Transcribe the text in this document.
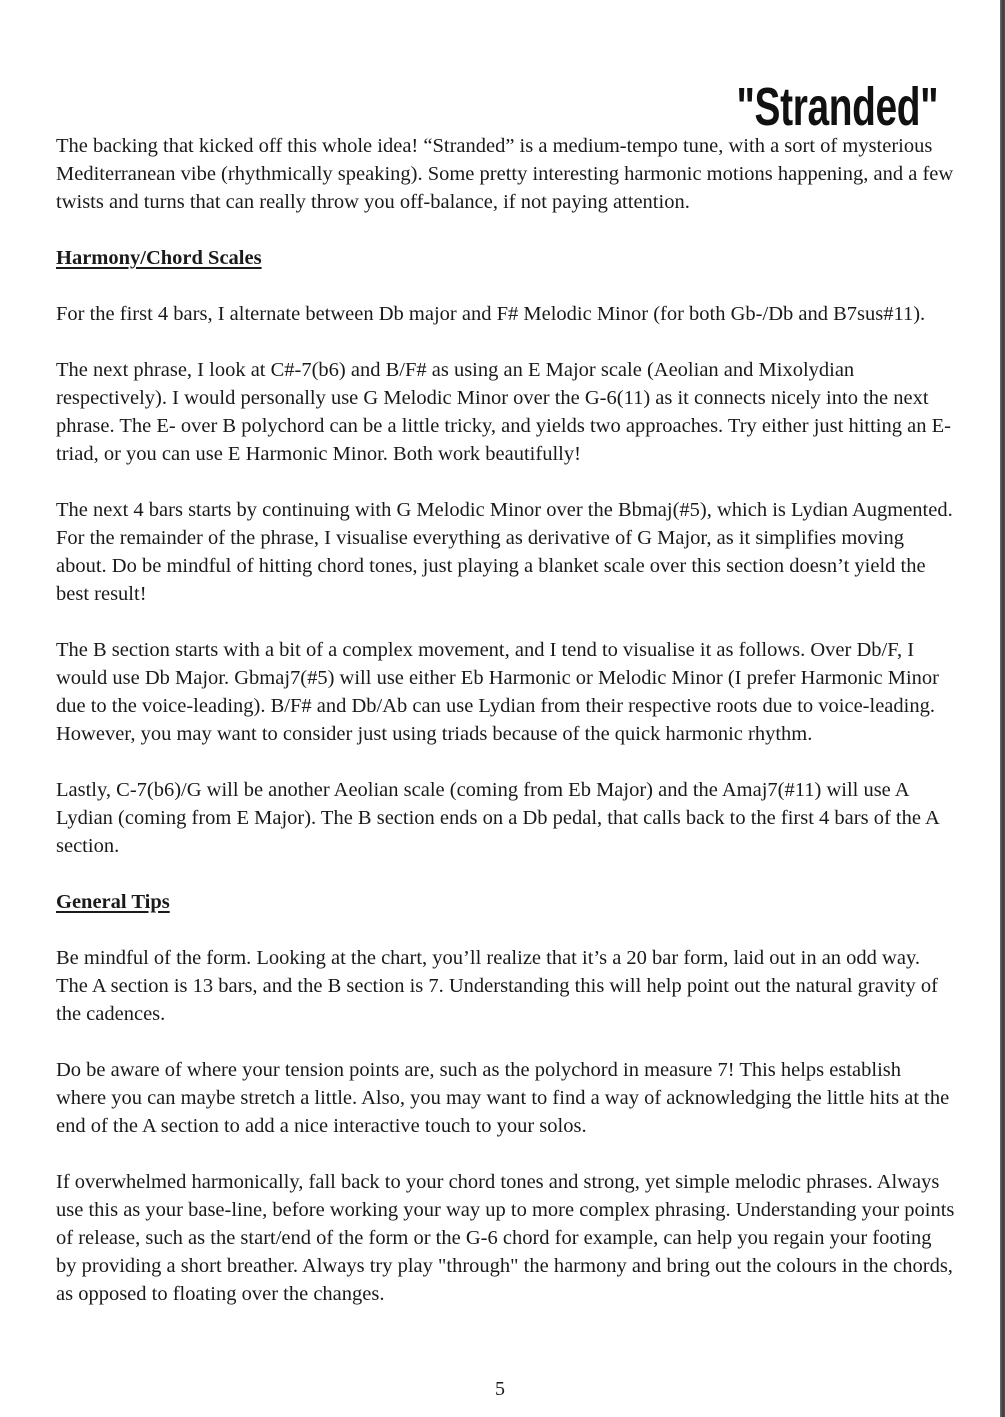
"Stranded"

The backing that kicked off this whole idea! “Stranded” is a medium-tempo tune, with a sort of mysterious Mediterranean vibe (rhythmically speaking). Some pretty interesting harmonic motions happening, and a few twists and turns that can really throw you off-balance, if not paying attention.

Harmony/Chord Scales

For the first 4 bars, I alternate between Db major and F# Melodic Minor (for both Gb-/Db and B7sus#11).

The next phrase, I look at C#-7(b6) and B/F# as using an E Major scale (Aeolian and Mixolydian respectively). I would personally use G Melodic Minor over the G-6(11) as it connects nicely into the next phrase. The E- over B polychord can be a little tricky, and yields two approaches. Try either just hitting an E- triad, or you can use E Harmonic Minor. Both work beautifully!

The next 4 bars starts by continuing with G Melodic Minor over the Bbmaj(#5), which is Lydian Augmented. For the remainder of the phrase, I visualise everything as derivative of G Major, as it simplifies moving about. Do be mindful of hitting chord tones, just playing a blanket scale over this section doesn’t yield the best result!

The B section starts with a bit of a complex movement, and I tend to visualise it as follows. Over Db/F, I would use Db Major. Gbmaj7(#5) will use either Eb Harmonic or Melodic Minor (I prefer Harmonic Minor due to the voice-leading). B/F# and Db/Ab can use Lydian from their respective roots due to voice-leading. However, you may want to consider just using triads because of the quick harmonic rhythm.

Lastly, C-7(b6)/G will be another Aeolian scale (coming from Eb Major) and the Amaj7(#11) will use A Lydian (coming from E Major). The B section ends on a Db pedal, that calls back to the first 4 bars of the A section.

General Tips

Be mindful of the form. Looking at the chart, you’ll realize that it’s a 20 bar form, laid out in an odd way. The A section is 13 bars, and the B section is 7. Understanding this will help point out the natural gravity of the cadences.

Do be aware of where your tension points are, such as the polychord in measure 7! This helps establish where you can maybe stretch a little. Also, you may want to find a way of acknowledging the little hits at the end of the A section to add a nice interactive touch to your solos.

If overwhelmed harmonically, fall back to your chord tones and strong, yet simple melodic phrases. Always use this as your base-line, before working your way up to more complex phrasing. Understanding your points of release, such as the start/end of the form or the G-6 chord for example, can help you regain your footing by providing a short breather. Always try play "through" the harmony and bring out the colours in the chords, as opposed to floating over the changes.

5
